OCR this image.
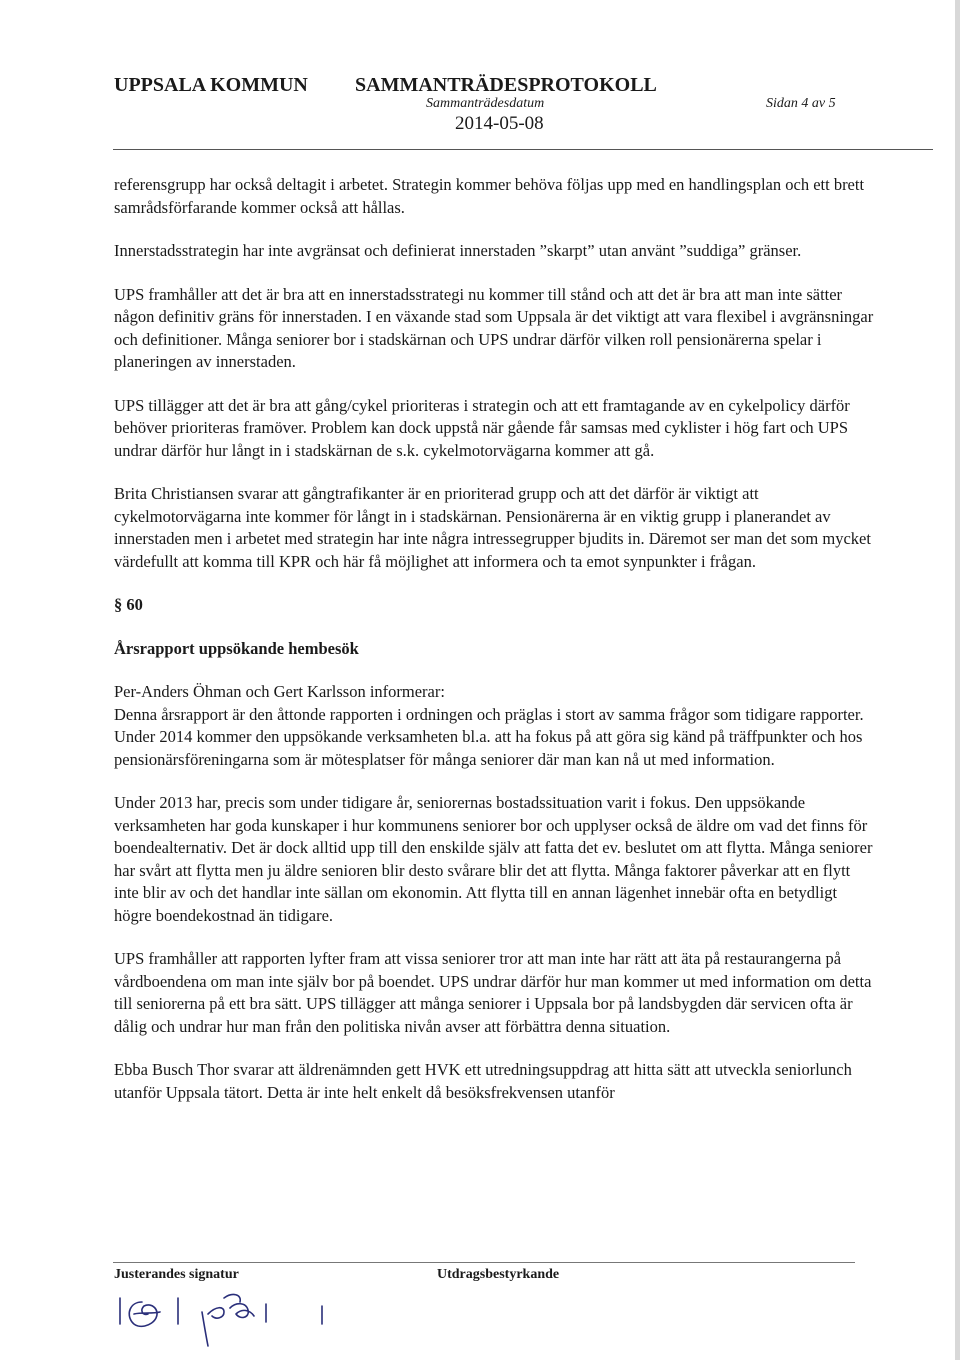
UPPSALA KOMMUN SAMMANTRÄDESPROTOKOLL
Sammanträdesdatum	Sidan 4 av 5
2014-05-08

referensgrupp har också deltagit i arbetet. Strategin kommer behöva följas upp med en handlingsplan och ett brett samrådsförfarande kommer också att hållas.

Innerstadsstrategin har inte avgränsat och definierat innerstaden ”skarpt” utan använt ”suddiga” gränser.

UPS framhåller att det är bra att en innerstadsstrategi nu kommer till stånd och att det är bra att man inte sätter någon definitiv gräns för innerstaden. I en växande stad som Uppsala är det viktigt att vara flexibel i avgränsningar och definitioner. Många seniorer bor i stadskärnan och UPS undrar därför vilken roll pensionärerna spelar i planeringen av innerstaden.

UPS tillägger att det är bra att gång/cykel prioriteras i strategin och att ett framtagande av en cykelpolicy därför behöver prioriteras framöver. Problem kan dock uppstå när gående får samsas med cyklister i hög fart och UPS undrar därför hur långt in i stadskärnan de s.k. cykelmotorvägarna kommer att gå.

Brita Christiansen svarar att gångtrafikanter är en prioriterad grupp och att det därför är viktigt att cykelmotorvägarna inte kommer för långt in i stadskärnan. Pensionärerna är en viktig grupp i planerandet av innerstaden men i arbetet med strategin har inte några intressegrupper bjudits in. Däremot ser man det som mycket värdefullt att komma till KPR och här få möjlighet att informera och ta emot synpunkter i frågan.

§ 60

Årsrapport uppsökande hembesök

Per-Anders Öhman och Gert Karlsson informerar:

Denna årsrapport är den åttonde rapporten i ordningen och präglas i stort av samma frågor som tidigare rapporter. Under 2014 kommer den uppsökande verksamheten bl.a. att ha fokus på att göra sig känd på träffpunkter och hos pensionärsföreningarna som är mötesplatser för många seniorer där man kan nå ut med information.

Under 2013 har, precis som under tidigare år, seniorernas bostadssituation varit i fokus. Den uppsökande verksamheten har goda kunskaper i hur kommunens seniorer bor och upplyser också de äldre om vad det finns för boendealternativ. Det är dock alltid upp till den enskilde själv att fatta det ev. beslutet om att flytta. Många seniorer har svårt att flytta men ju äldre senioren blir desto svårare blir det att flytta. Många faktorer påverkar att en flytt inte blir av och det handlar inte sällan om ekonomin. Att flytta till en annan lägenhet innebär ofta en betydligt högre boendekostnad än tidigare.

UPS framhåller att rapporten lyfter fram att vissa seniorer tror att man inte har rätt att äta på restaurangerna på vårdboendena om man inte själv bor på boendet. UPS undrar därför hur man kommer ut med information om detta till seniorerna på ett bra sätt. UPS tillägger att många seniorer i Uppsala bor på landsbygden där servicen ofta är dålig och undrar hur man från den politiska nivån avser att förbättra denna situation.

Ebba Busch Thor svarar att äldrenämnden gett HVK ett utredningsuppdrag att hitta sätt att utveckla seniorlunch utanför Uppsala tätort. Detta är inte helt enkelt då besöksfrekvensen utanför

Justerandes signatur	Utdragsbestyrkande
